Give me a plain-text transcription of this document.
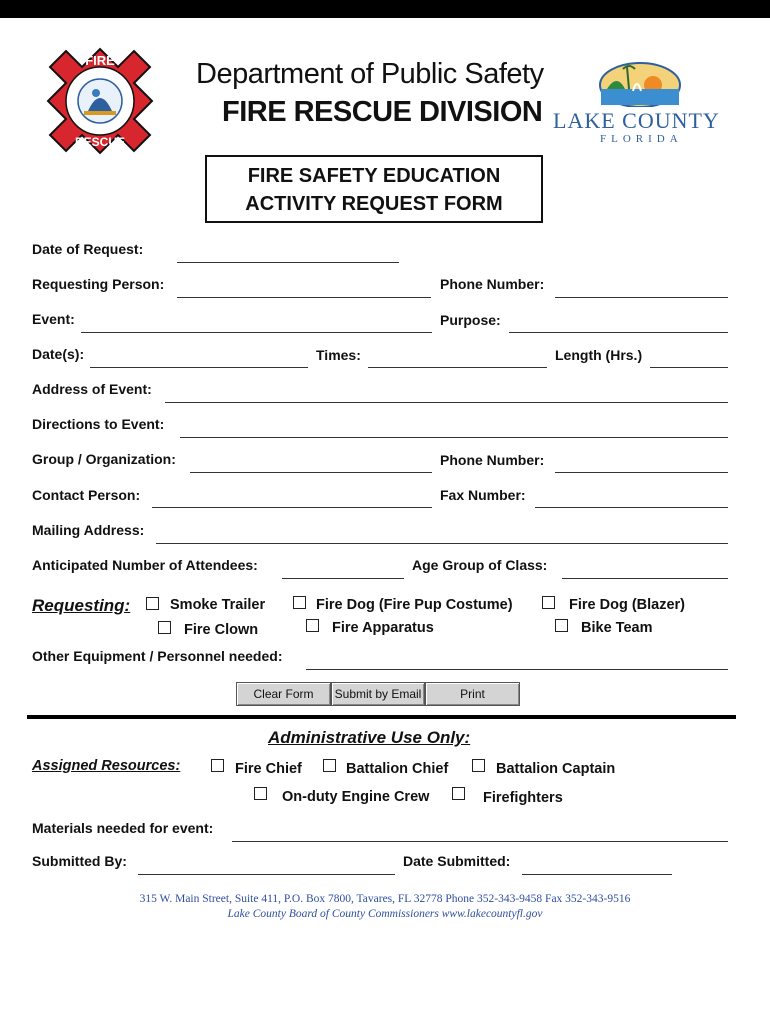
FIRE
RESCUE
Department of Public Safety
FIRE RESCUE DIVISION LAKE COUNTY
FLORIDA
FIRE SAFETY EDUCATION
ACTIVITY REQUEST FORM
Date of Request:
Requesting Person:	Phone Number:
Event:	Purpose:
Date(s):	Times:	Length (Hrs.)
Address of Event:
Directions to Event:
Group / Organization:	Phone Number:
Contact Person:	Fax Number:
Mailing Address:
Anticipated Number of Attendees:	Age Group of Class:
Requesting:	Smoke Trailer	Fire Dog (Fire Pup Costume)	Fire Dog (Blazer)
Fire Clown	Fire Apparatus	Bike Team
Other Equipment / Personnel needed:
Clear Form	Submit by Email	Print
Administrative Use Only:
Assigned Resources:	Fire Chief	Battalion Chief	Battalion Captain
On-duty Engine Crew	Firefighters
Materials needed for event:
Submitted By:	Date Submitted:
315 W. Main Street, Suite 411, P.O. Box 7800, Tavares, FL 32778 Phone 352-343-9458 Fax 352-343-9516
Lake County Board of County Commissioners www.lakecountyfl.gov
